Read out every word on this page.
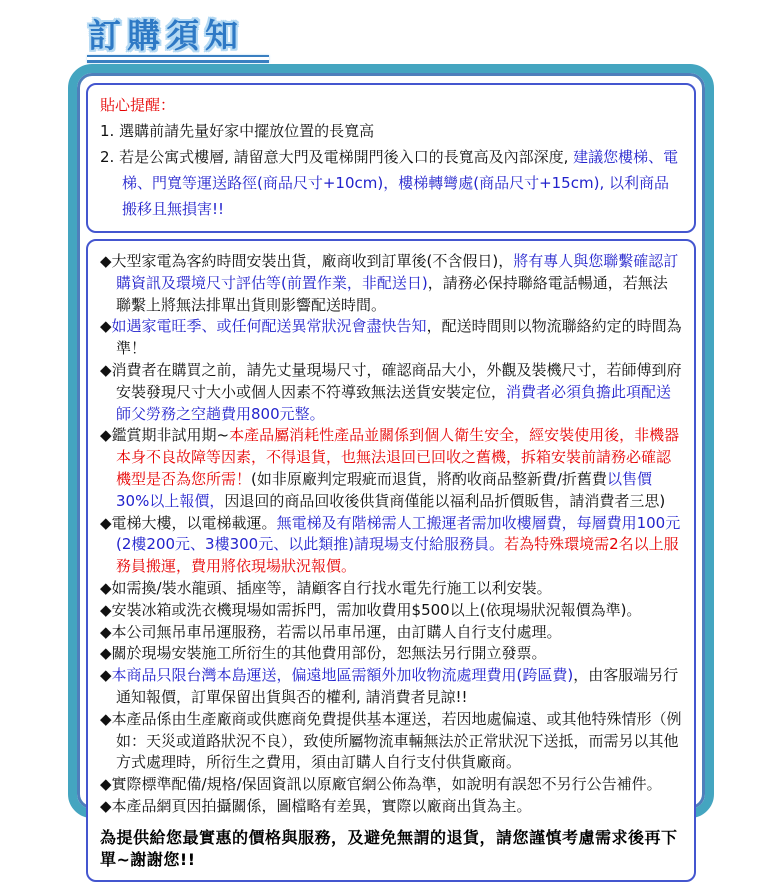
訂購須知
貼心提醒：
1. 選購前請先量好家中擺放位置的長寬高
2. 若是公寓式樓層, 請留意大門及電梯開門後入口的長寬高及內部深度, 建議您樓梯、電梯、門寬等運送路徑(商品尺寸+10cm)，樓梯轉彎處(商品尺寸+15cm), 以利商品搬移且無損害!!
◆大型家電為客約時間安裝出貨，廠商收到訂單後(不含假日)，將有專人與您聯繫確認訂購資訊及環境尺寸評估等(前置作業，非配送日)，請務必保持聯絡電話暢通，若無法聯繫上將無法排單出貨則影響配送時間。
◆如遇家電旺季、或任何配送異常狀況會盡快告知，配送時間則以物流聯絡約定的時間為準！
◆消費者在購買之前，請先丈量現場尺寸，確認商品大小，外觀及裝機尺寸，若師傅到府安裝發現尺寸大小或個人因素不符導致無法送貨安裝定位，消費者必須負擔此項配送師父勞務之空趟費用800元整。
◆鑑賞期非試用期~本產品屬消耗性產品並關係到個人衛生安全，經安裝使用後，非機器本身不良故障等因素，不得退貨，也無法退回已回收之舊機，拆箱安裝前請務必確認機型是否為您所需！(如非原廠判定瑕疵而退貨，將酌收商品整新費/折舊費以售價30%以上報價，因退回的商品回收後供貨商僅能以福利品折價販售，請消費者三思)
◆電梯大樓，以電梯載運。無電梯及有階梯需人工搬運者需加收樓層費，每層費用100元(2樓200元、3樓300元、以此類推)請現場支付給服務員。若為特殊環境需2名以上服務員搬運，費用將依現場狀況報價。
◆如需換/裝水龍頭、插座等，請顧客自行找水電先行施工以利安裝。
◆安裝冰箱或洗衣機現場如需拆門，需加收費用$500以上(依現場狀況報價為準)。
◆本公司無吊車吊運服務，若需以吊車吊運，由訂購人自行支付處理。
◆關於現場安裝施工所衍生的其他費用部份，恕無法另行開立發票。
◆本商品只限台灣本島運送，偏遠地區需額外加收物流處理費用(跨區費)，由客服端另行通知報價，訂單保留出貨與否的權利, 請消費者見諒!!
◆本產品係由生產廠商或供應商免費提供基本運送，若因地處偏遠、或其他特殊情形（例如：天災或道路狀況不良），致使所屬物流車輛無法於正常狀況下送抵，而需另以其他方式處理時，所衍生之費用，須由訂購人自行支付供貨廠商。
◆實際標準配備/規格/保固資訊以原廠官網公佈為準，如說明有誤恕不另行公告補件。
◆本產品網頁因拍攝關係，圖檔略有差異，實際以廠商出貨為主。
為提供給您最實惠的價格與服務，及避免無謂的退貨，請您謹慎考慮需求後再下單~謝謝您!!
